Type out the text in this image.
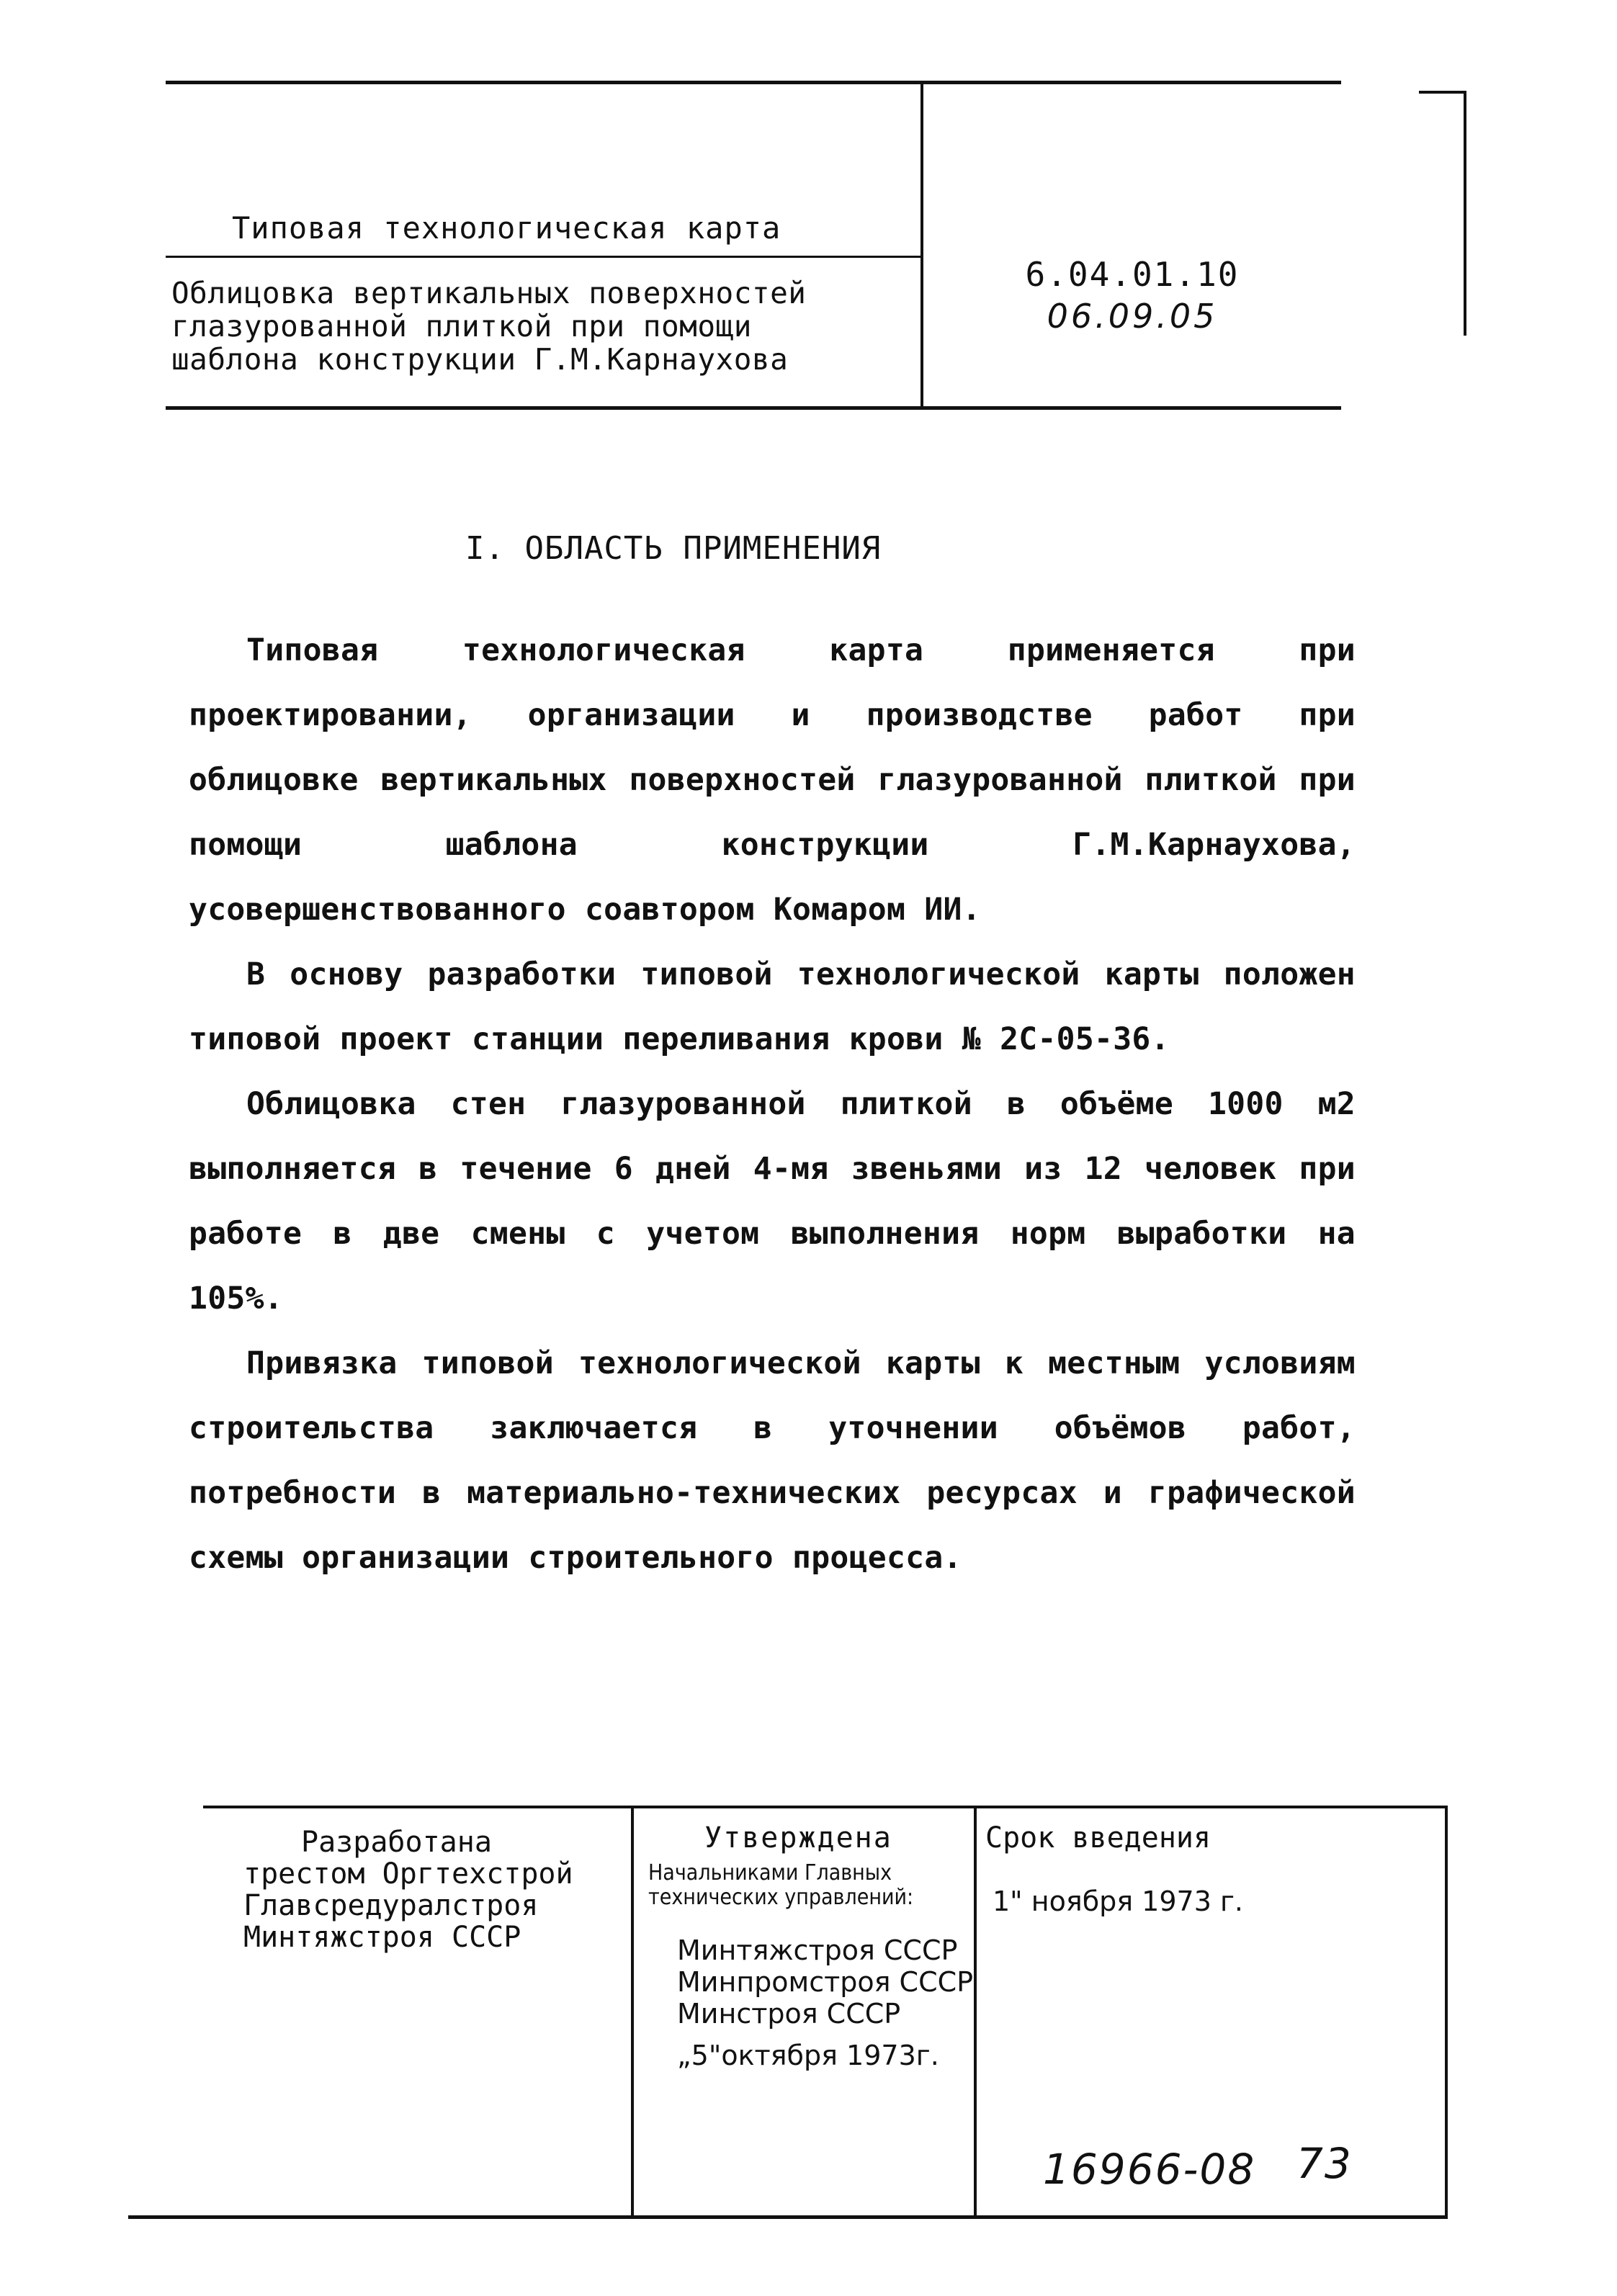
Типовая технологическая карта
Облицовка вертикальных поверхностей
глазурованной плиткой при помощи
шаблона конструкции Г.М.Карнаухова
6.04.01.10
06.09.05
I. ОБЛАСТЬ ПРИМЕНЕНИЯ

Типовая технологическая карта применяется при проектировании, организации и производстве работ при облицовке вертикальных поверхностей глазурованной плиткой при помощи шаблона конструкции Г.М.Карнаухова, усовершенствованного соавтором Комаром ИИ.

В основу разработки типовой технологической карты положен типовой проект станции переливания крови № 2С-05-36.

Облицовка стен глазурованной плиткой в объёме 1000 м2 выполняется в течение 6 дней 4-мя звеньями из 12 человек при работе в две смены с учетом выполнения норм выработки на 105%.

Привязка типовой технологической карты к местным условиям строительства заключается в уточнении объёмов работ, потребности в материально-технических ресурсах и графической схемы организации строительного процесса.

Разработана
трестом Оргтехстрой
Главсредуралстроя
Минтяжстроя СССР
Утверждена
Начальниками Главных
технических управлений:
Минтяжстроя СССР
Минпромстроя СССР
Минстроя СССР
„5"октября 1973г.
Срок введения
1" ноября 1973 г.
16966-08 73
